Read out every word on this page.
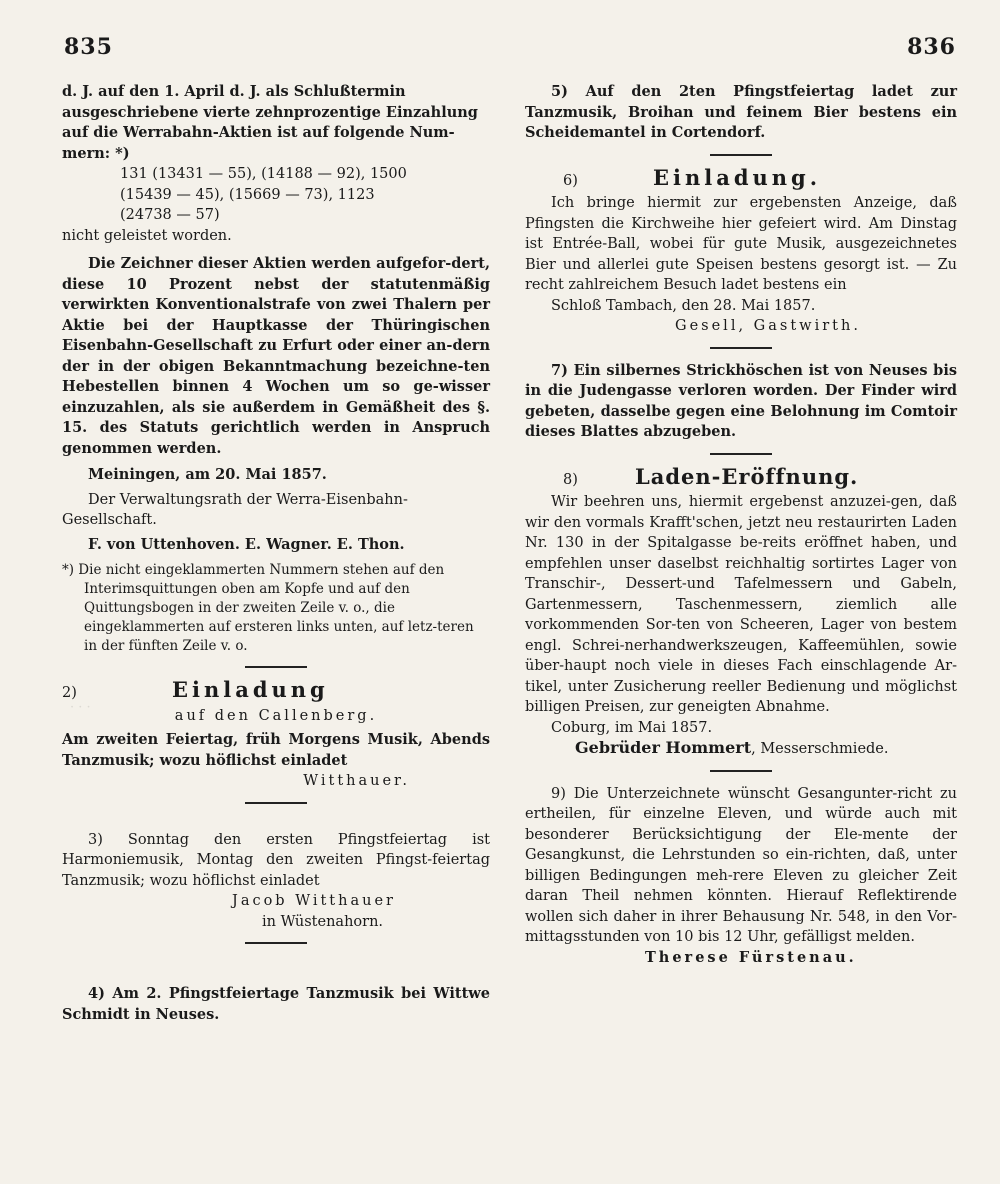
· · ·
835	836
d. J. auf den 1. April d. J. als Schlußtermin
ausgeschriebene vierte zehnprozentige Einzahlung
auf die Werrabahn-Aktien ist auf folgende Num-
mern: *)
131 (13431 — 55), (14188 — 92), 1500
(15439 — 45), (15669 — 73), 1123
(24738 — 57)
nicht geleistet worden.

Die Zeichner dieser Aktien werden aufgefor-dert, diese 10 Prozent nebst der statutenmäßig verwirkten Konventionalstrafe von zwei Thalern per Aktie bei der Hauptkasse der Thüringischen Eisenbahn-Gesellschaft zu Erfurt oder einer an-dern der in der obigen Bekanntmachung bezeichne-ten Hebestellen binnen 4 Wochen um so ge-wisser einzuzahlen, als sie außerdem in Gemäßheit des §. 15. des Statuts gerichtlich werden in Anspruch genommen werden.

Meiningen, am 20. Mai 1857.
Der Verwaltungsrath der Werra-Eisenbahn-Gesellschaft.
F. von Uttenhoven. E. Wagner. E. Thon.
*) Die nicht eingeklammerten Nummern stehen auf den Interimsquittungen oben am Kopfe und auf den Quittungsbogen in der zweiten Zeile v. o., die eingeklammerten auf ersteren links unten, auf letz-teren in der fünften Zeile v. o.
2)	Einladung
auf den Callenberg.

Am zweiten Feiertag, früh Morgens Musik, Abends Tanzmusik; wozu höflichst einladet

Witthauer.

3) Sonntag den ersten Pfingstfeiertag ist Harmoniemusik, Montag den zweiten Pfingst-feiertag Tanzmusik; wozu höflichst einladet

Jacob Witthauer
in Wüstenahorn.

4) Am 2. Pfingstfeiertage Tanzmusik bei Wittwe Schmidt in Neuses.

5) Auf den 2ten Pfingstfeiertag ladet zur Tanzmusik, Broihan und feinem Bier bestens ein Scheidemantel in Cortendorf.

6)	Einladung.

Ich bringe hiermit zur ergebensten Anzeige, daß Pfingsten die Kirchweihe hier gefeiert wird. Am Dinstag ist Entrée-Ball, wobei für gute Musik, ausgezeichnetes Bier und allerlei gute Speisen bestens gesorgt ist. — Zu recht zahlreichem Besuch ladet bestens ein

Schloß Tambach, den 28. Mai 1857.
Gesell, Gastwirth.

7) Ein silbernes Strickhöschen ist von Neuses bis in die Judengasse verloren worden. Der Finder wird gebeten, dasselbe gegen eine Belohnung im Comtoir dieses Blattes abzugeben.

8)	Laden-Eröffnung.

Wir beehren uns, hiermit ergebenst anzuzei-gen, daß wir den vormals Krafft'schen, jetzt neu restaurirten Laden Nr. 130 in der Spitalgasse be-reits eröffnet haben, und empfehlen unser daselbst reichhaltig sortirtes Lager von Transchir-, Dessert-und Tafelmessern und Gabeln, Gartenmessern, Taschenmessern, ziemlich alle vorkommenden Sor-ten von Scheeren, Lager von bestem engl. Schrei-nerhandwerkszeugen, Kaffeemühlen, sowie über-haupt noch viele in dieses Fach einschlagende Ar-tikel, unter Zusicherung reeller Bedienung und möglichst billigen Preisen, zur geneigten Abnahme.

Coburg, im Mai 1857.
Gebrüder Hommert, Messerschmiede.

9) Die Unterzeichnete wünscht Gesangunter-richt zu ertheilen, für einzelne Eleven, und würde auch mit besonderer Berücksichtigung der Ele-mente der Gesangkunst, die Lehrstunden so ein-richten, daß, unter billigen Bedingungen meh-rere Eleven zu gleicher Zeit daran Theil nehmen könnten. Hierauf Reflektirende wollen sich daher in ihrer Behausung Nr. 548, in den Vor-mittagsstunden von 10 bis 12 Uhr, gefälligst melden.

Therese Fürstenau.
